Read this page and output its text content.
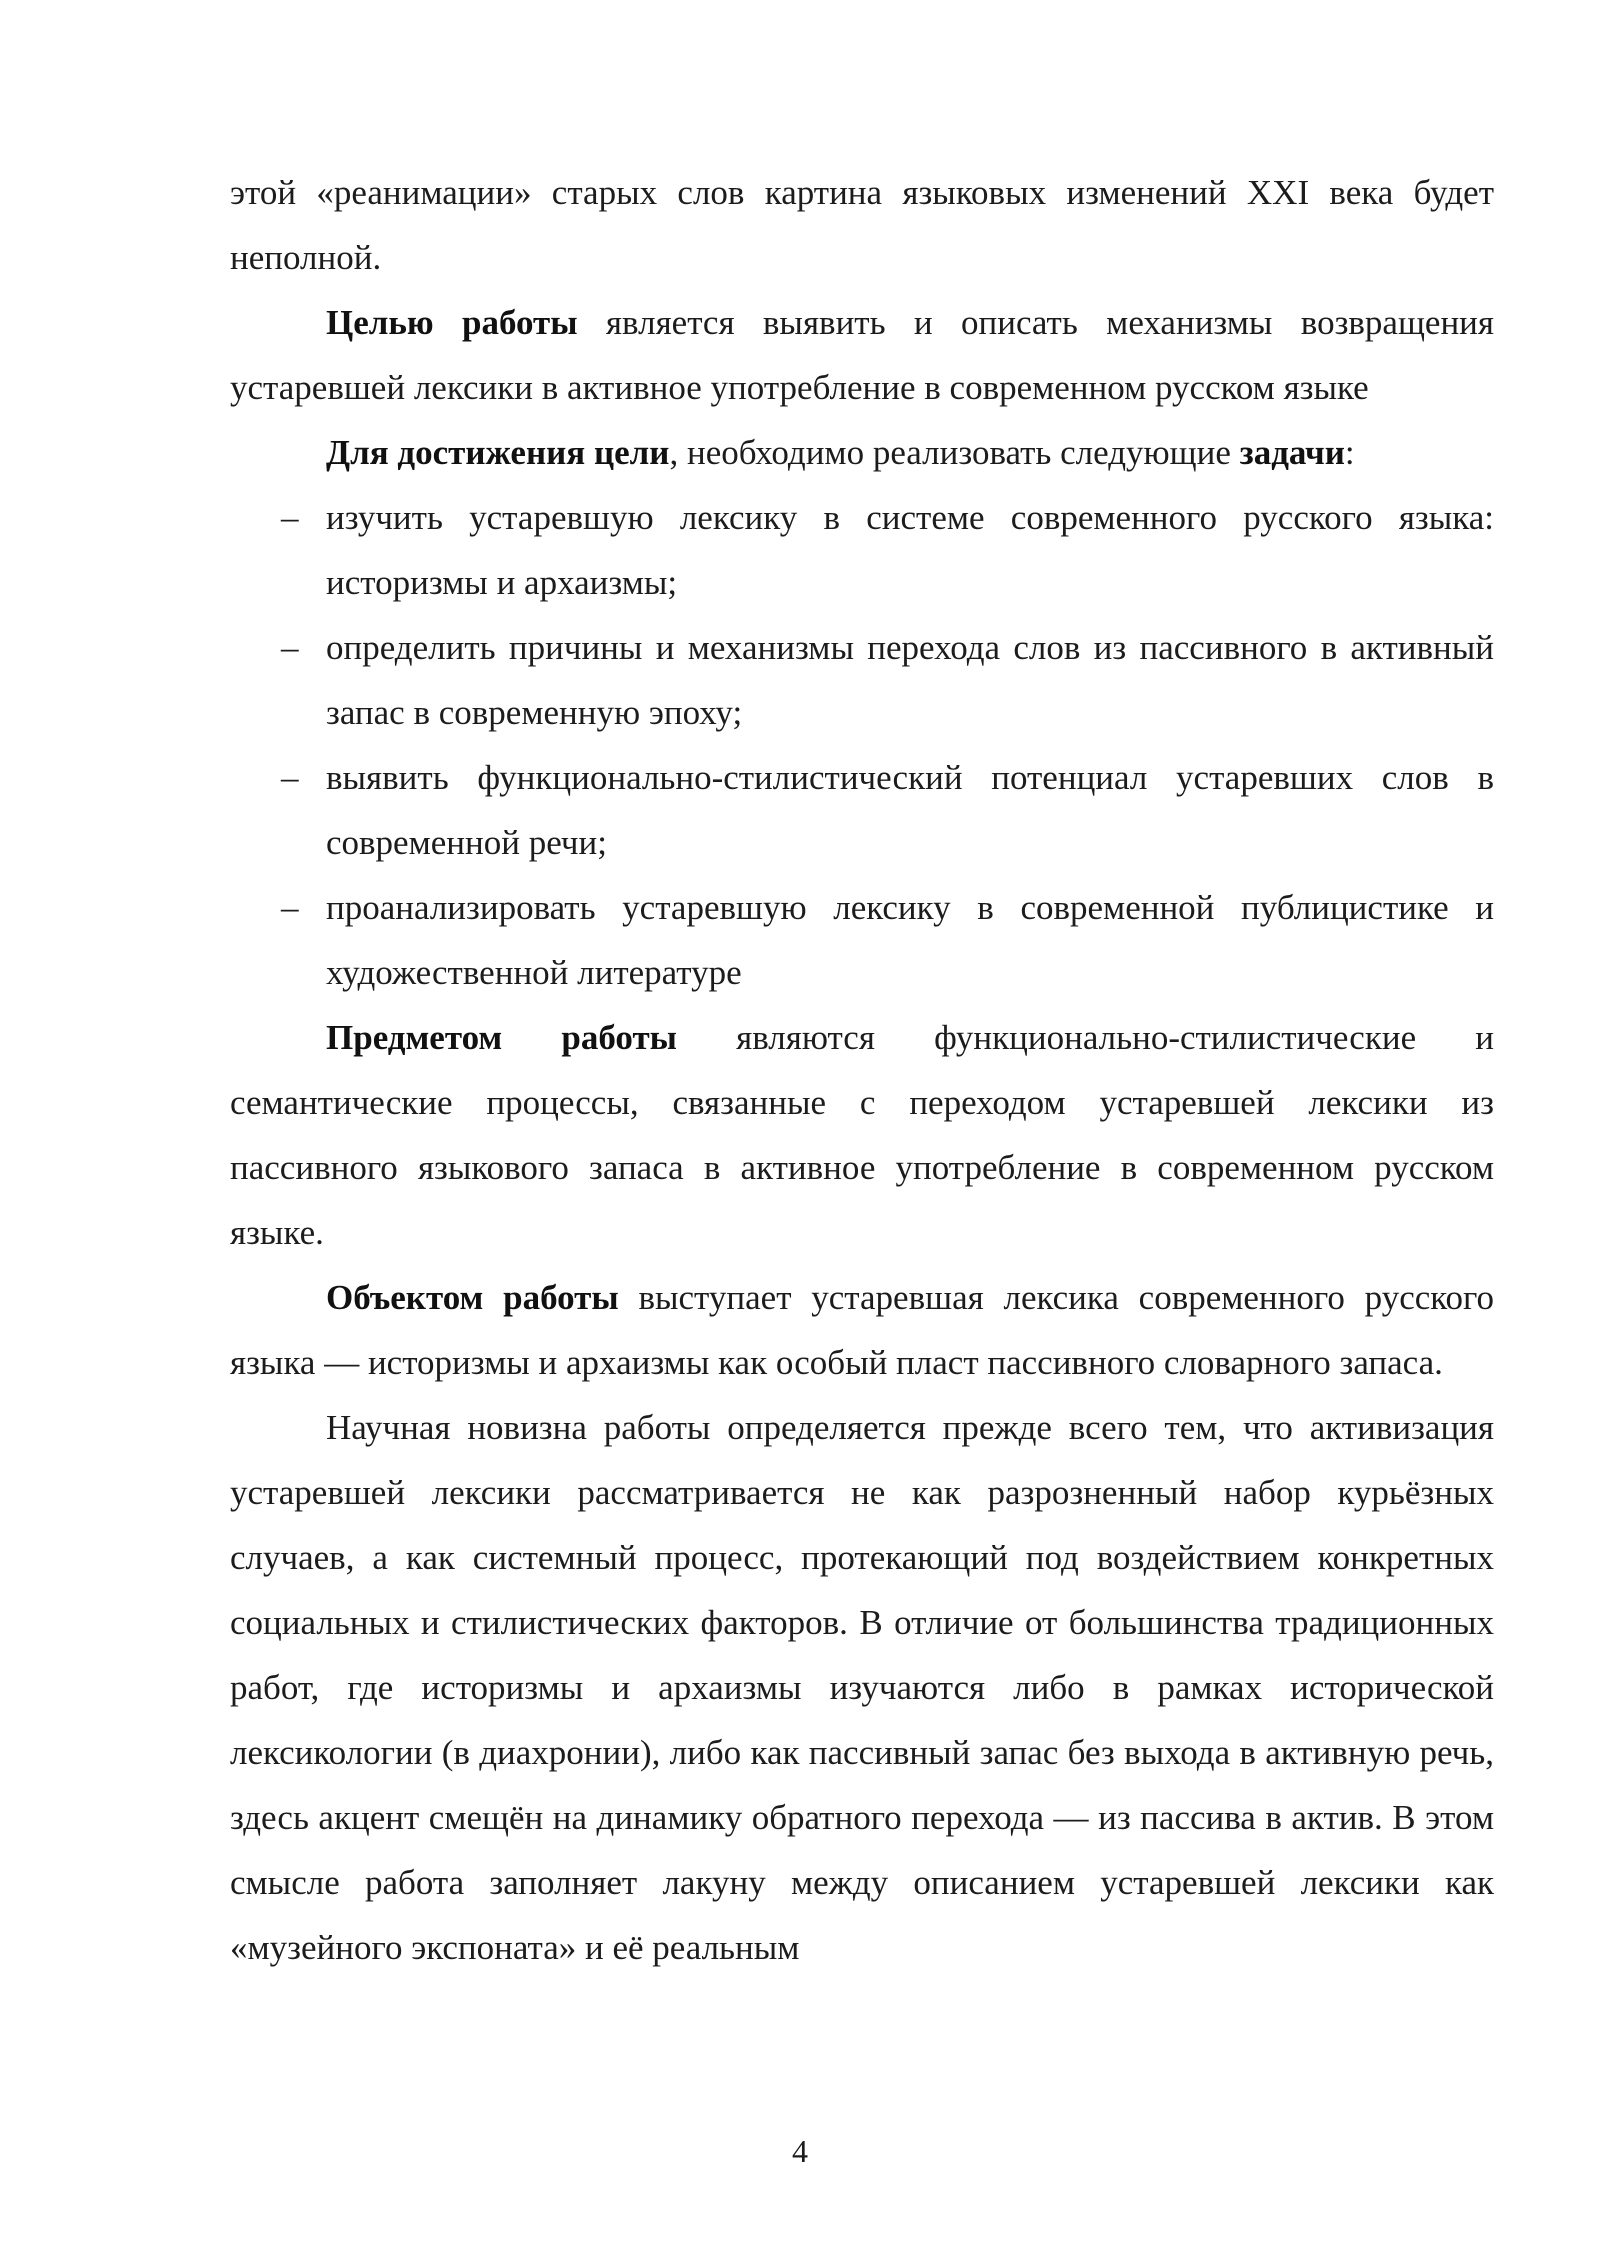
этой «реанимации» старых слов картина языковых изменений XXI века будет неполной.

Целью работы является выявить и описать механизмы возвращения устаревшей лексики в активное употребление в современном русском языке

Для достижения цели, необходимо реализовать следующие задачи:

– изучить устаревшую лексику в системе современного русского языка: историзмы и архаизмы;
– определить причины и механизмы перехода слов из пассивного в активный запас в современную эпоху;
– выявить функционально-стилистический потенциал устаревших слов в современной речи;
– проанализировать устаревшую лексику в современной публицистике и художественной литературе

Предметом работы являются функционально-стилистические и семантические процессы, связанные с переходом устаревшей лексики из пассивного языкового запаса в активное употребление в современном русском языке.

Объектом работы выступает устаревшая лексика современного русского языка — историзмы и архаизмы как особый пласт пассивного словарного запаса.

Научная новизна работы определяется прежде всего тем, что активизация устаревшей лексики рассматривается не как разрозненный набор курьёзных случаев, а как системный процесс, протекающий под воздействием конкретных социальных и стилистических факторов. В отличие от большинства традиционных работ, где историзмы и архаизмы изучаются либо в рамках исторической лексикологии (в диахронии), либо как пассивный запас без выхода в активную речь, здесь акцент смещён на динамику обратного перехода — из пассива в актив. В этом смысле работа заполняет лакуну между описанием устаревшей лексики как «музейного экспоната» и её реальным

4
